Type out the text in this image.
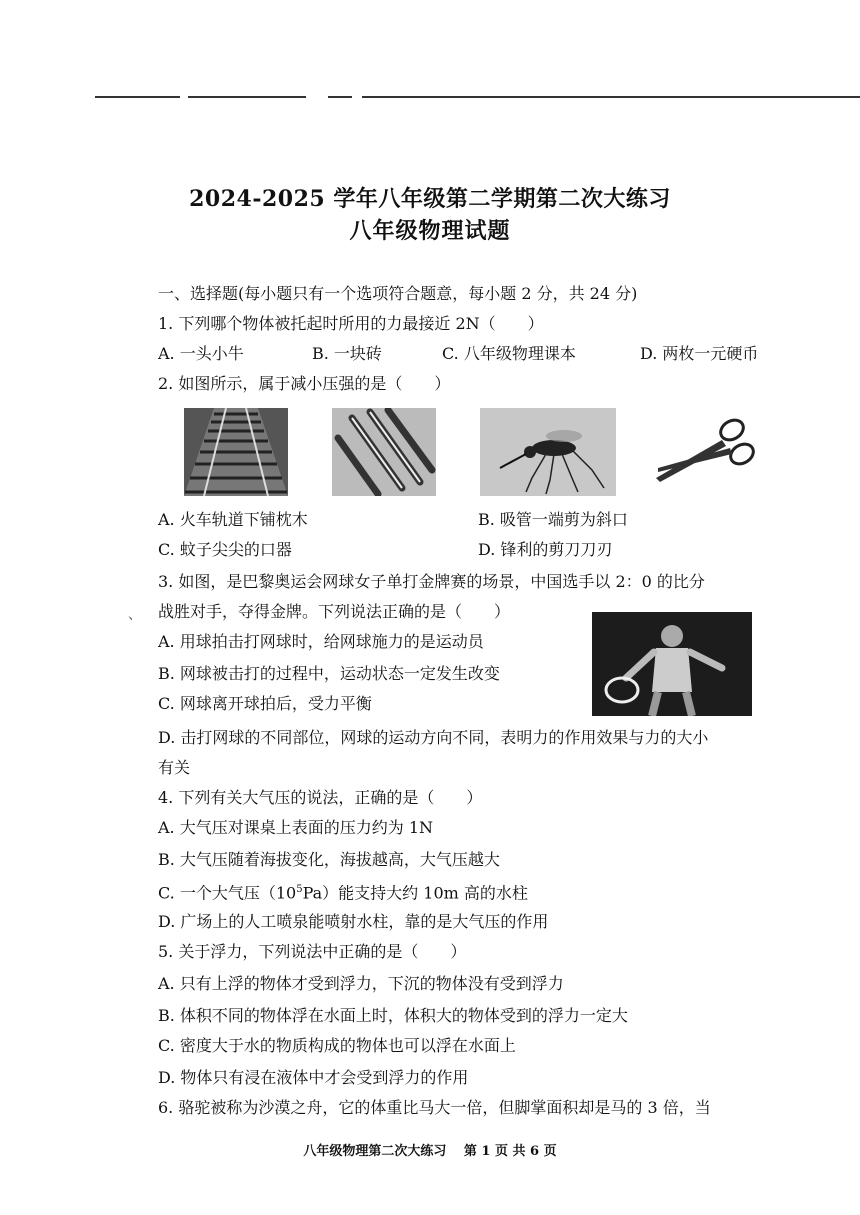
2024-2025 学年八年级第二学期第二次大练习
八年级物理试题
一、选择题(每小题只有一个选项符合题意，每小题 2 分，共 24 分)
1. 下列哪个物体被托起时所用的力最接近 2N（　　）
A. 一头小牛	B. 一块砖	C. 八年级物理课本	D. 两枚一元硬币
2. 如图所示，属于减小压强的是（　　）
A. 火车轨道下铺枕木	B. 吸管一端剪为斜口
C. 蚊子尖尖的口器	D. 锋利的剪刀刀刃
3. 如图，是巴黎奥运会网球女子单打金牌赛的场景，中国选手以 2：0 的比分
战胜对手，夺得金牌。下列说法正确的是（　　）
、
A. 用球拍击打网球时，给网球施力的是运动员
B. 网球被击打的过程中，运动状态一定发生改变
C. 网球离开球拍后，受力平衡
D. 击打网球的不同部位，网球的运动方向不同，表明力的作用效果与力的大小
有关
4. 下列有关大气压的说法，正确的是（　　）
A. 大气压对课桌上表面的压力约为 1N
B. 大气压随着海拔变化，海拔越高，大气压越大
C. 一个大气压$(10^5Pa)$能支持大约 10m 高的水柱
D. 广场上的人工喷泉能喷射水柱，靠的是大气压的作用
5. 关于浮力，下列说法中正确的是（　　）
A. 只有上浮的物体才受到浮力，下沉的物体没有受到浮力
B. 体积不同的物体浮在水面上时，体积大的物体受到的浮力一定大
C. 密度大于水的物质构成的物体也可以浮在水面上
D. 物体只有浸在液体中才会受到浮力的作用
6. 骆驼被称为沙漠之舟，它的体重比马大一倍，但脚掌面积却是马的 3 倍，当
八年级物理第二次大练习　 第 1 页 共 6 页
